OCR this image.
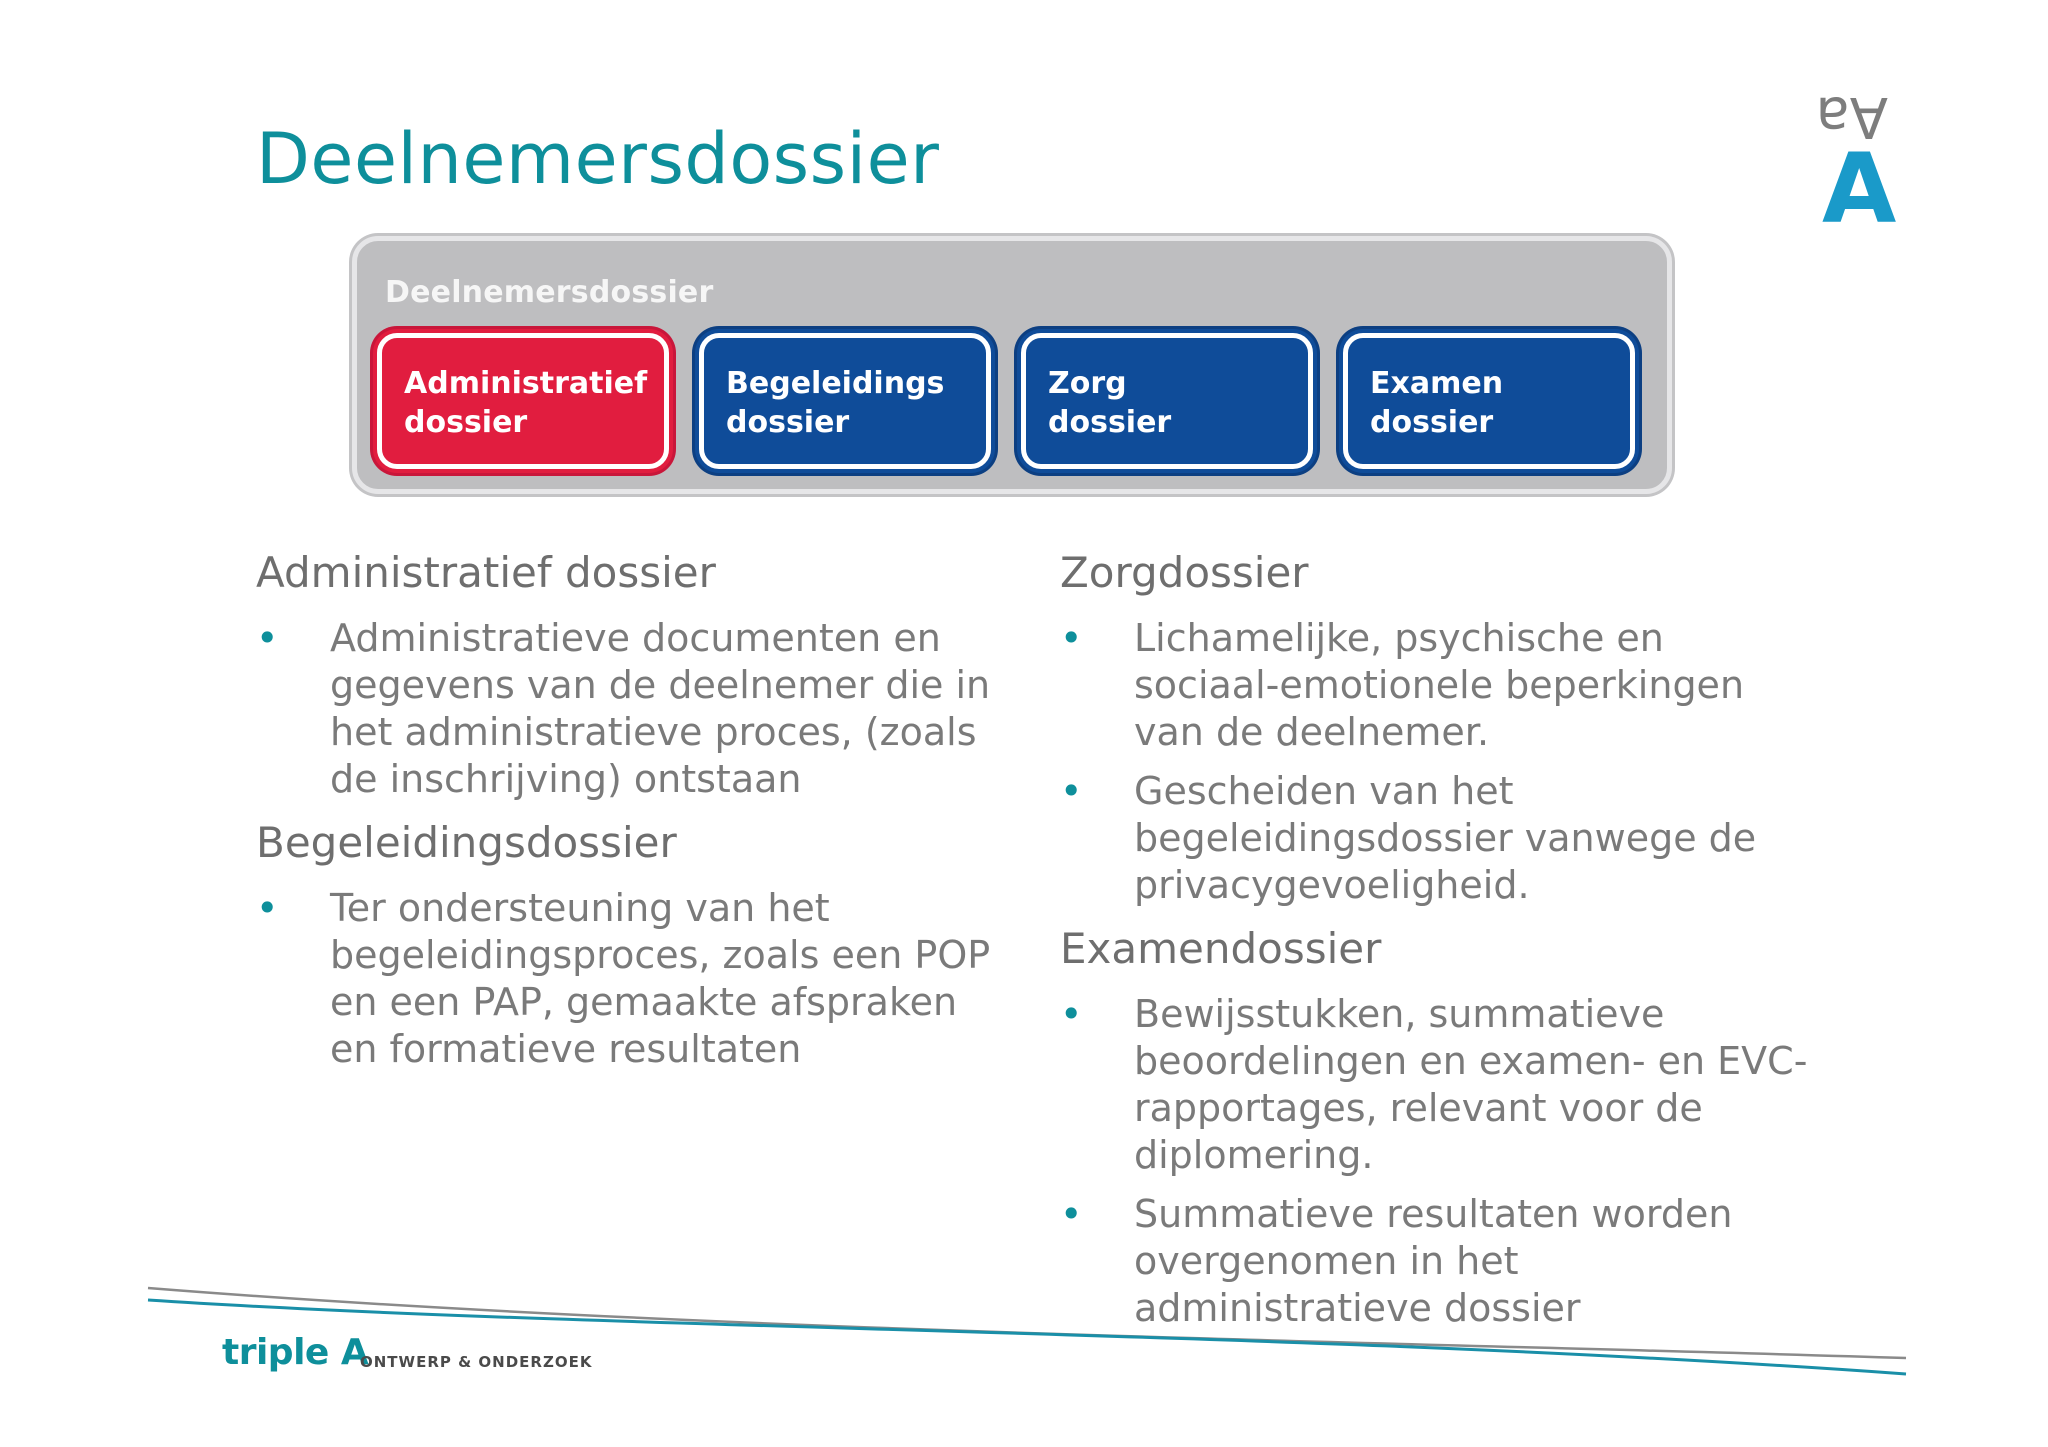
Deelnemersdossier
Aa
A
Deelnemersdossier
Administratief
dossier
Begeleidings
dossier
Zorg
dossier
Examen
dossier
Administratief dossier
• Administratieve documenten en gegevens van de deelnemer die in het administratieve proces, (zoals de inschrijving) ontstaan
Begeleidingsdossier
• Ter ondersteuning van het begeleidingsproces, zoals een POP en een PAP, gemaakte afspraken en formatieve resultaten
Zorgdossier
• Lichamelijke, psychische en sociaal-emotionele beperkingen van de deelnemer.
• Gescheiden van het begeleidingsdossier vanwege de privacygevoeligheid.
Examendossier
• Bewijsstukken, summatieve beoordelingen en examen- en EVC-rapportages, relevant voor de diplomering.
• Summatieve resultaten worden overgenomen in het administratieve dossier
triple A
ONTWERP & ONDERZOEK
